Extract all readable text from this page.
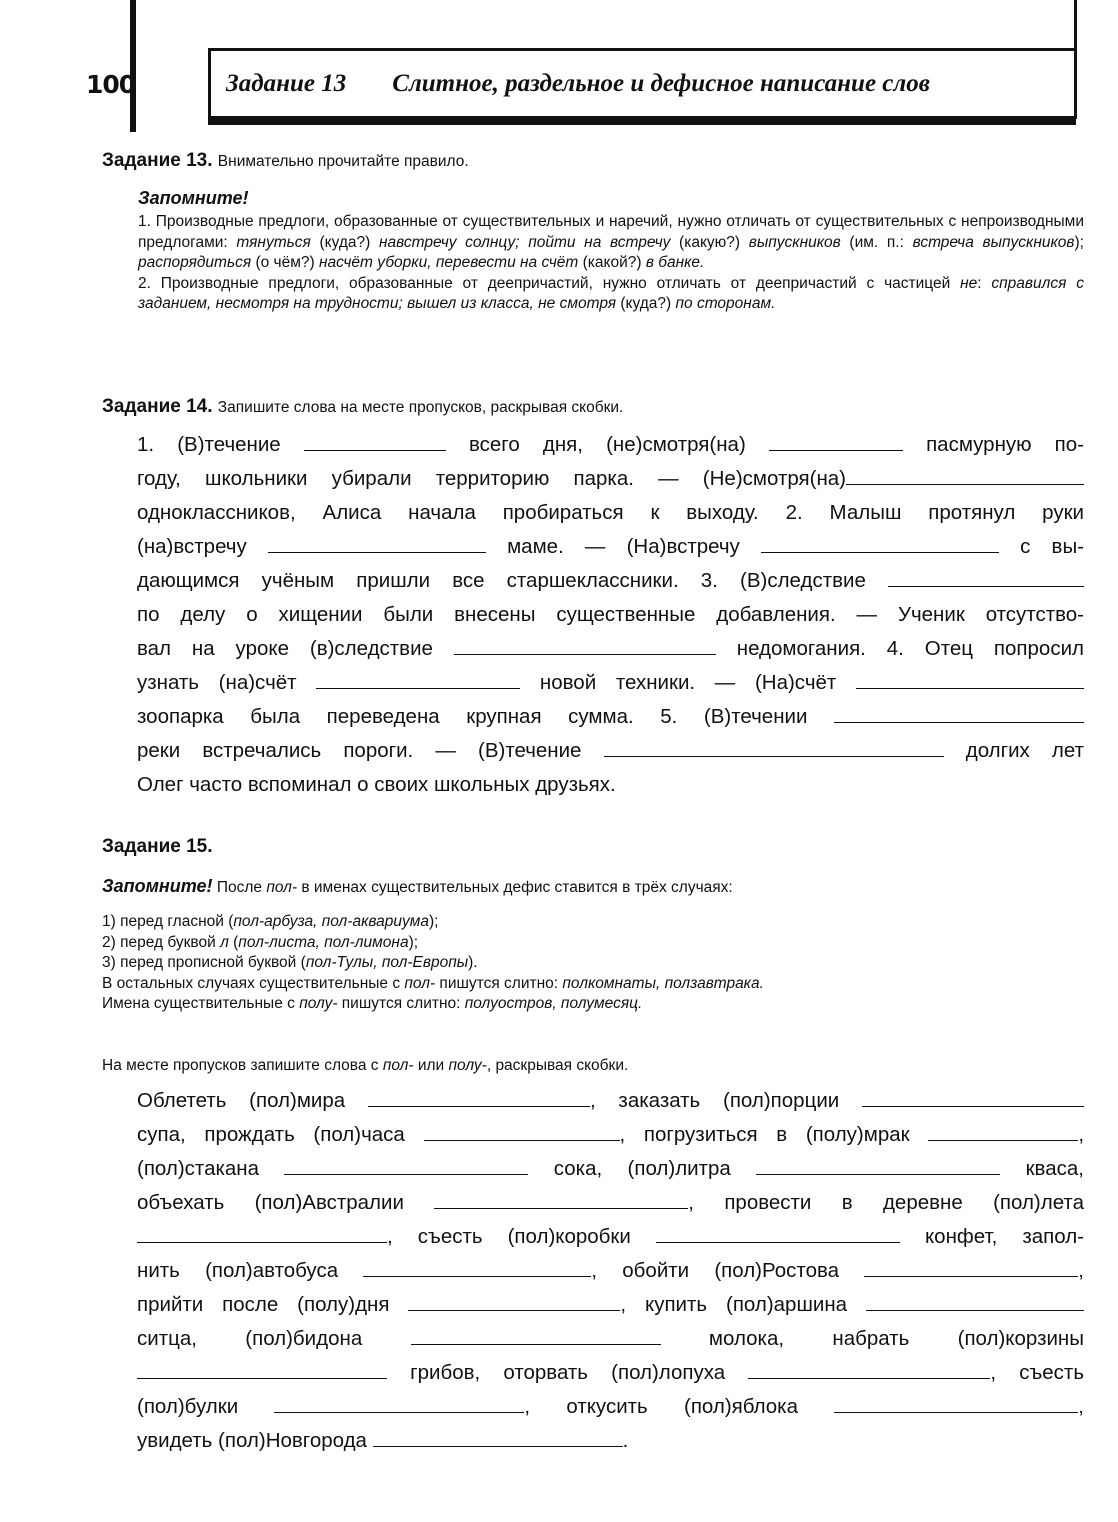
100	Задание 13 Слитное, раздельное и дефисное написание слов
Задание 13. Внимательно прочитайте правило.
Запомните!

1. Производные предлоги, образованные от существительных и наречий, нужно отличать от существительных с непроизводными предлогами: тянуться (куда?) навстречу солнцу; пойти на встречу (какую?) выпускников (им. п.: встреча выпускников); распорядиться (о чём?) насчёт уборки, перевести на счёт (какой?) в банке.

2. Производные предлоги, образованные от деепричастий, нужно отличать от деепричастий с частицей не: справился с заданием, несмотря на трудности; вышел из класса, не смотря (куда?) по сторонам.

Задание 14. Запишите слова на месте пропусков, раскрывая скобки.

1. (В)течение	всего дня, (не)смотря(на)	пасмурную по-

году, школьники убирали территорию парка. — (Не)смотря(на)

одноклассников, Алиса начала пробираться к выходу. 2. Малыш протянул руки

(на)встречу	маме. — (На)встречу	с вы-

дающимся учёным пришли все старшеклассники. 3. (В)следствие

по делу о хищении были внесены существенные добавления. — Ученик отсутство-

вал на уроке (в)следствие	недомогания. 4. Отец попросил

узнать (на)счёт	новой техники. — (На)счёт

зоопарка была переведена крупная сумма. 5. (В)течении

реки встречались пороги. — (В)течение	долгих лет

Олег часто вспоминал о своих школьных друзьях.

Задание 15.
Запомните! После пол- в именах существительных дефис ставится в трёх случаях:

1) перед гласной (пол-арбуза, пол-аквариума);

2) перед буквой л (пол-листа, пол-лимона);

3) перед прописной буквой (пол-Тулы, пол-Европы).

В остальных случаях существительные с пол- пишутся слитно: полкомнаты, ползавтрака.

Имена существительные с полу- пишутся слитно: полуостров, полумесяц.

На месте пропусков запишите слова с пол- или полу-, раскрывая скобки.

Облететь (пол)мира	, заказать (пол)порции

супа, прождать (пол)часа	, погрузиться в (полу)мрак	,

(пол)стакана	сока, (пол)литра	кваса,

объехать (пол)Австралии	, провести в деревне (пол)лета

, съесть (пол)коробки	конфет, запол-

нить (пол)автобуса	, обойти (пол)Ростова	,

прийти после (полу)дня	, купить (пол)аршина

ситца, (пол)бидона	молока, набрать (пол)корзины

грибов, оторвать (пол)лопуха	, съесть

(пол)булки	, откусить (пол)яблока	,

увидеть (пол)Новгорода	.
